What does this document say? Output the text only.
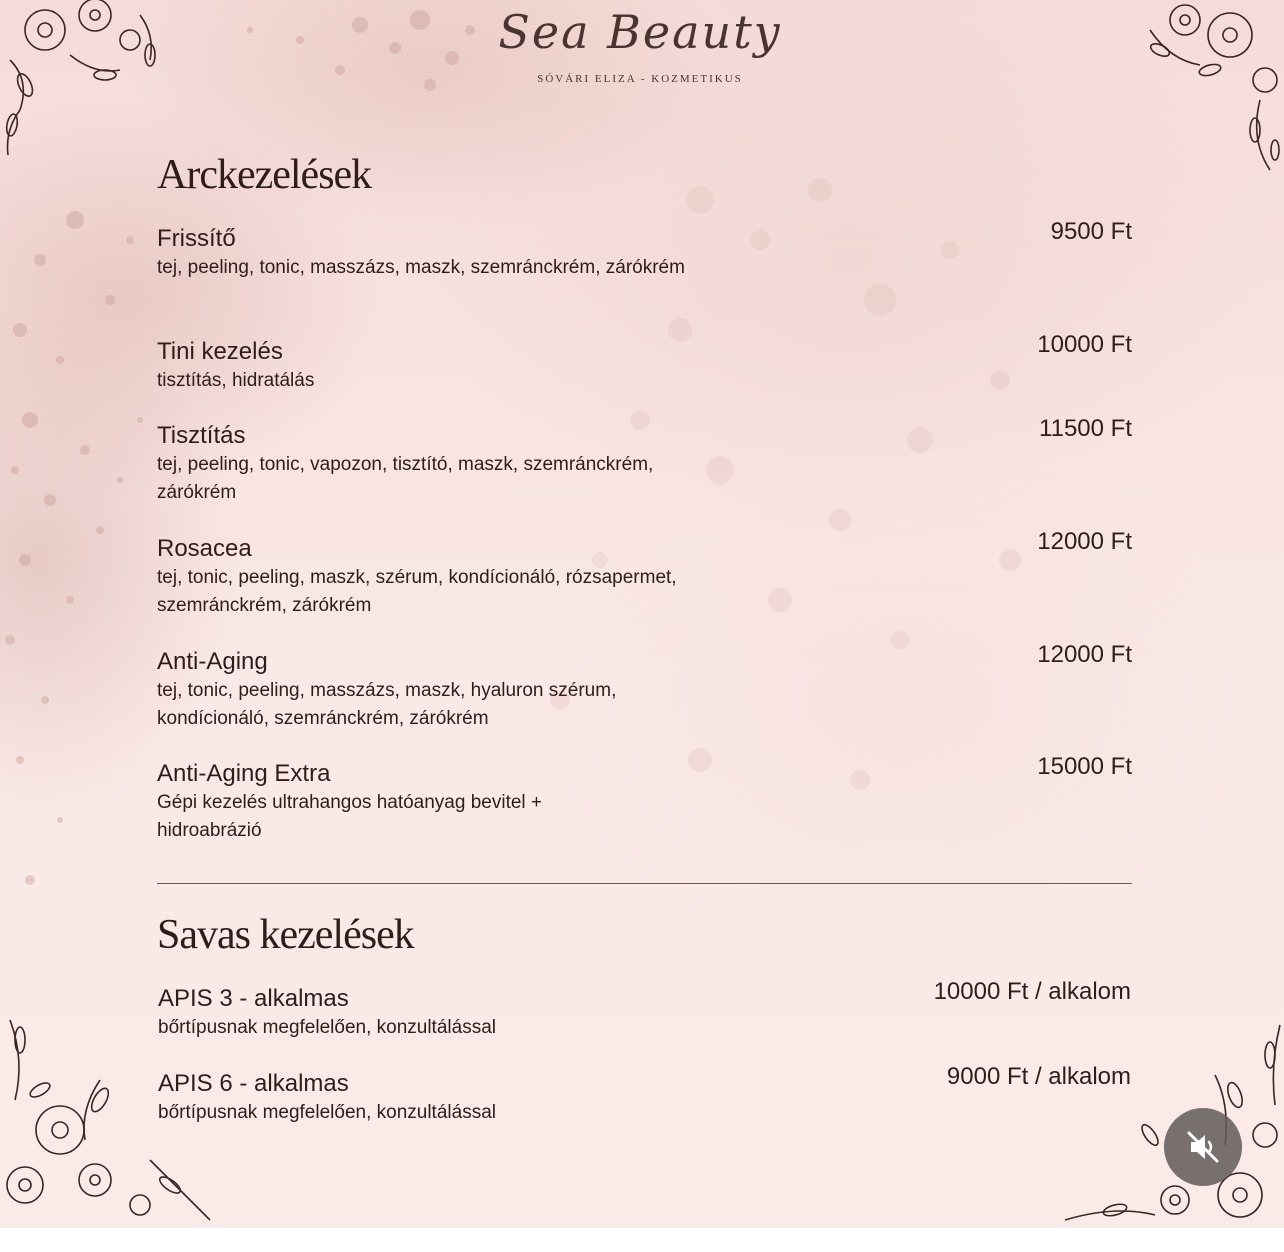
Sea Beauty
SÓVÁRI ELIZA - KOZMETIKUS
Arckezelések
Frissítő
tej, peeling, tonic, masszázs, maszk, szemránckrém, zárókrém
9500 Ft
Tini kezelés
tisztítás, hidratálás
10000 Ft
Tisztítás
tej, peeling, tonic, vapozon, tisztító, maszk, szemránckrém, zárókrém
11500 Ft
Rosacea
tej, tonic, peeling, maszk, szérum, kondícionáló, rózsapermet, szemránckrém, zárókrém
12000 Ft
Anti-Aging
tej, tonic, peeling, masszázs, maszk, hyaluron szérum, kondícionáló, szemránckrém, zárókrém
12000 Ft
Anti-Aging Extra
Gépi kezelés ultrahangos hatóanyag bevitel + hidroabrázió
15000 Ft
Savas kezelések
APIS 3 - alkalmas
bőrtípusnak megfelelően, konzultálással
10000 Ft / alkalom
APIS 6 - alkalmas
bőrtípusnak megfelelően, konzultálással
9000 Ft / alkalom
